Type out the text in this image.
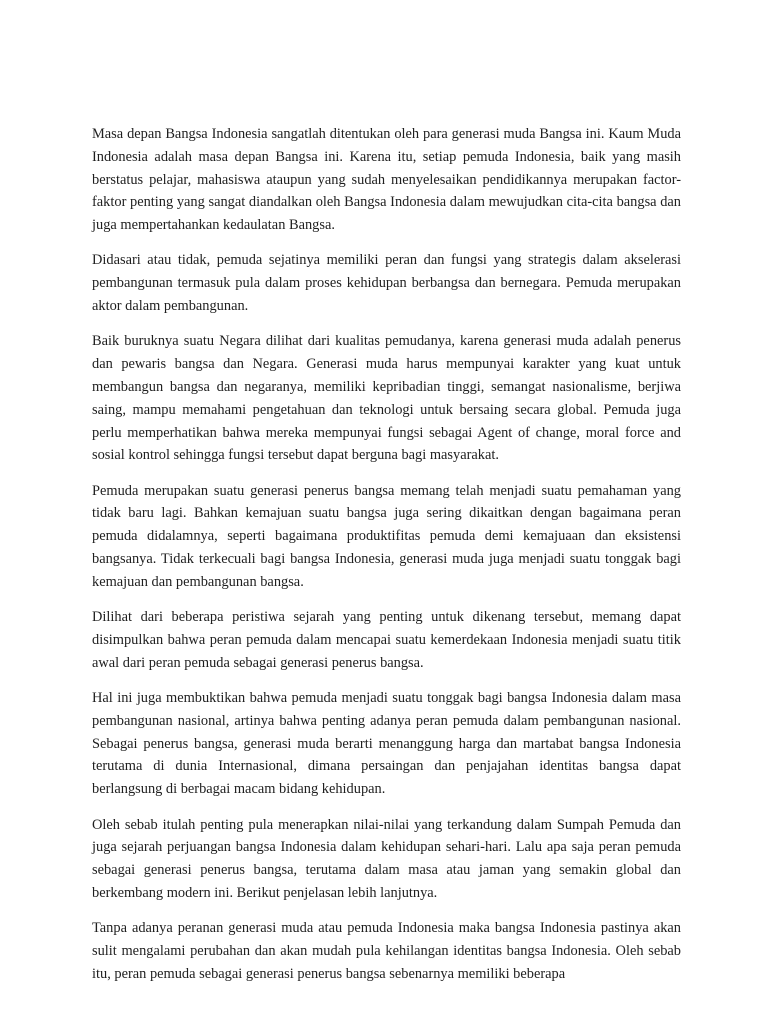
Masa depan Bangsa Indonesia sangatlah ditentukan oleh para generasi muda Bangsa ini. Kaum Muda Indonesia adalah masa depan Bangsa ini. Karena itu, setiap pemuda Indonesia, baik yang masih berstatus pelajar, mahasiswa ataupun yang sudah menyelesaikan pendidikannya merupakan factor-faktor penting yang sangat diandalkan oleh Bangsa Indonesia dalam mewujudkan cita-cita bangsa dan juga mempertahankan kedaulatan Bangsa.

Didasari atau tidak, pemuda sejatinya memiliki peran dan fungsi yang strategis dalam akselerasi pembangunan termasuk pula dalam proses kehidupan berbangsa dan bernegara. Pemuda merupakan aktor dalam pembangunan.

Baik buruknya suatu Negara dilihat dari kualitas pemudanya, karena generasi muda adalah penerus dan pewaris bangsa dan Negara. Generasi muda harus mempunyai karakter yang kuat untuk membangun bangsa dan negaranya, memiliki kepribadian tinggi, semangat nasionalisme, berjiwa saing, mampu memahami pengetahuan dan teknologi untuk bersaing secara global. Pemuda juga perlu memperhatikan bahwa mereka mempunyai fungsi sebagai Agent of change, moral force and sosial kontrol sehingga fungsi tersebut dapat berguna bagi masyarakat.

Pemuda merupakan suatu generasi penerus bangsa memang telah menjadi suatu pemahaman yang tidak baru lagi. Bahkan kemajuan suatu bangsa juga sering dikaitkan dengan bagaimana peran pemuda didalamnya, seperti bagaimana produktifitas pemuda demi kemajuaan dan eksistensi bangsanya. Tidak terkecuali bagi bangsa Indonesia, generasi muda juga menjadi suatu tonggak bagi kemajuan dan pembangunan bangsa.

Dilihat dari beberapa peristiwa sejarah yang penting untuk dikenang tersebut, memang dapat disimpulkan bahwa peran pemuda dalam mencapai suatu kemerdekaan Indonesia menjadi suatu titik awal dari peran pemuda sebagai generasi penerus bangsa.

Hal ini juga membuktikan bahwa pemuda menjadi suatu tonggak bagi bangsa Indonesia dalam masa pembangunan nasional, artinya bahwa penting adanya peran pemuda dalam pembangunan nasional. Sebagai penerus bangsa, generasi muda berarti menanggung harga dan martabat bangsa Indonesia terutama di dunia Internasional, dimana persaingan dan penjajahan identitas bangsa dapat berlangsung di berbagai macam bidang kehidupan.

Oleh sebab itulah penting pula menerapkan nilai-nilai yang terkandung dalam Sumpah Pemuda dan juga sejarah perjuangan bangsa Indonesia dalam kehidupan sehari-hari. Lalu apa saja peran pemuda sebagai generasi penerus bangsa, terutama dalam masa atau jaman yang semakin global dan berkembang modern ini. Berikut penjelasan lebih lanjutnya.

Tanpa adanya peranan generasi muda atau pemuda Indonesia maka bangsa Indonesia pastinya akan sulit mengalami perubahan dan akan mudah pula kehilangan identitas bangsa Indonesia. Oleh sebab itu, peran pemuda sebagai generasi penerus bangsa sebenarnya memiliki beberapa
